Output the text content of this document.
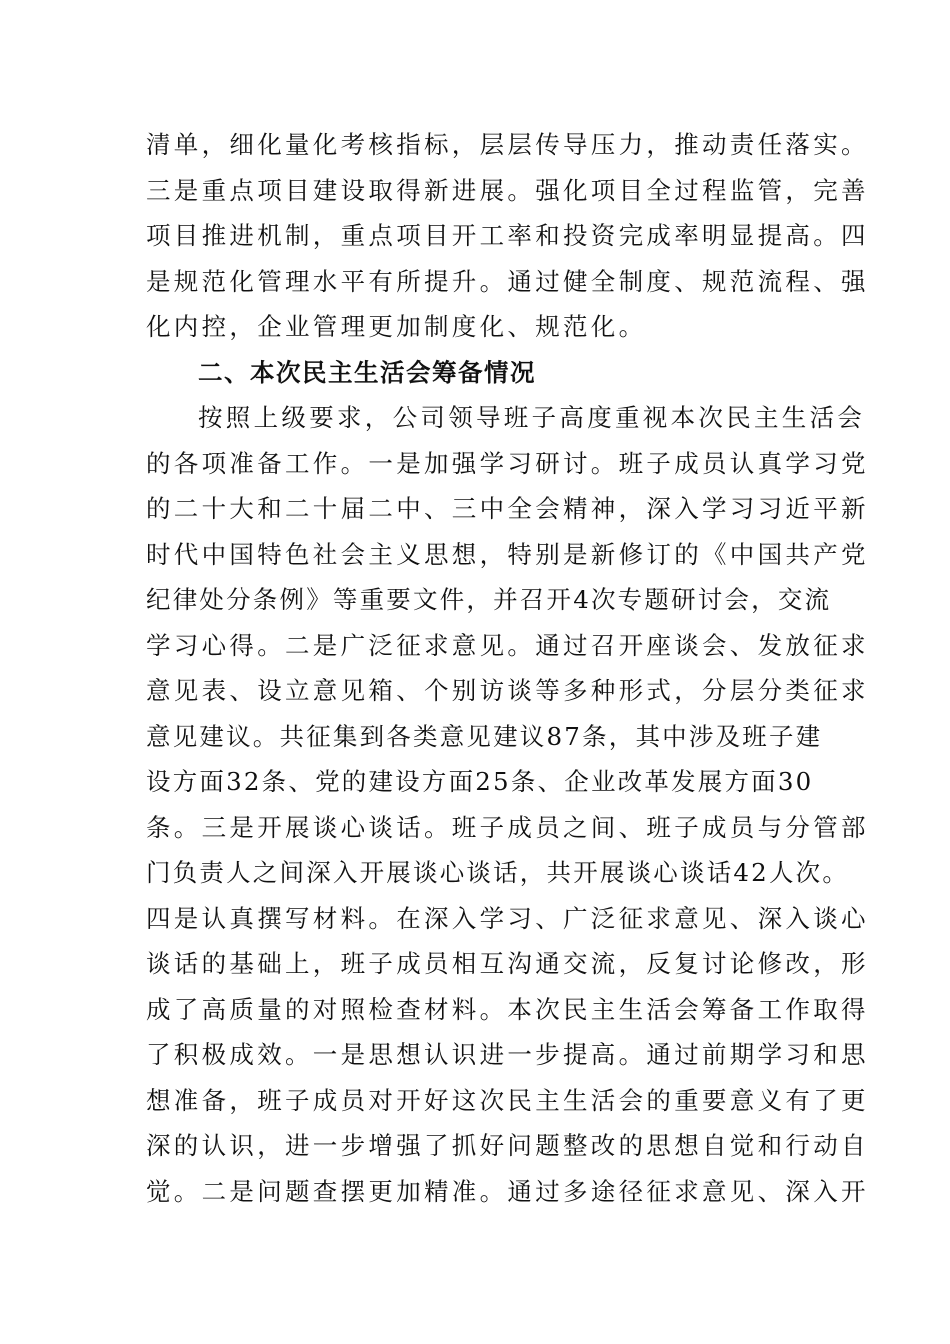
清单，细化量化考核指标，层层传导压力，推动责任落实。
三是重点项目建设取得新进展。强化项目全过程监管，完善
项目推进机制，重点项目开工率和投资完成率明显提高。四
是规范化管理水平有所提升。通过健全制度、规范流程、强
化内控，企业管理更加制度化、规范化。
二、本次民主生活会筹备情况
按照上级要求，公司领导班子高度重视本次民主生活会
的各项准备工作。一是加强学习研讨。班子成员认真学习党
的二十大和二十届二中、三中全会精神，深入学习习近平新
时代中国特色社会主义思想，特别是新修订的《中国共产党
纪律处分条例》等重要文件，并召开4次专题研讨会，交流
学习心得。二是广泛征求意见。通过召开座谈会、发放征求
意见表、设立意见箱、个别访谈等多种形式，分层分类征求
意见建议。共征集到各类意见建议87条，其中涉及班子建
设方面32条、党的建设方面25条、企业改革发展方面30
条。三是开展谈心谈话。班子成员之间、班子成员与分管部
门负责人之间深入开展谈心谈话，共开展谈心谈话42人次。
四是认真撰写材料。在深入学习、广泛征求意见、深入谈心
谈话的基础上，班子成员相互沟通交流，反复讨论修改，形
成了高质量的对照检查材料。本次民主生活会筹备工作取得
了积极成效。一是思想认识进一步提高。通过前期学习和思
想准备，班子成员对开好这次民主生活会的重要意义有了更
深的认识，进一步增强了抓好问题整改的思想自觉和行动自
觉。二是问题查摆更加精准。通过多途径征求意见、深入开
